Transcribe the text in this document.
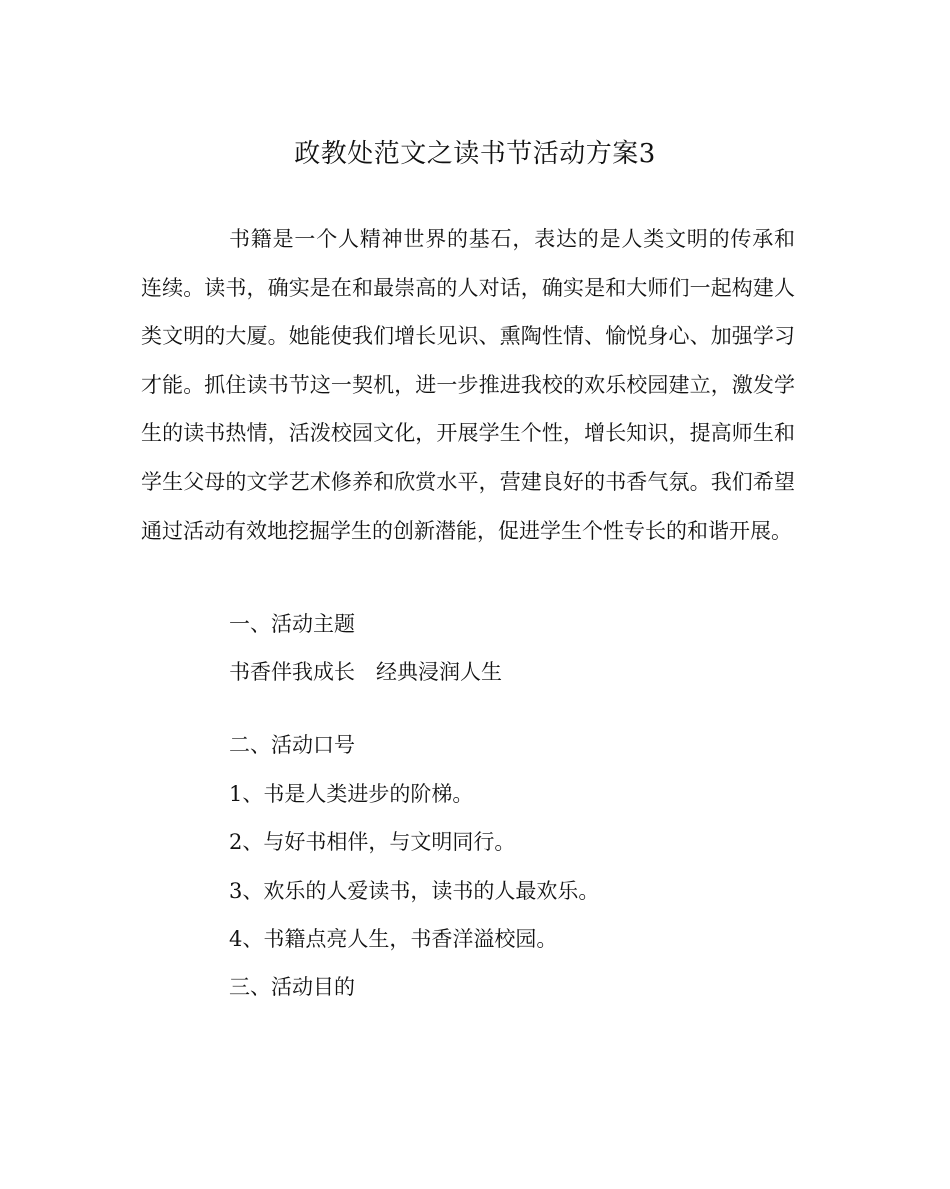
政教处范文之读书节活动方案3

书籍是一个人精神世界的基石，表达的是人类文明的传承和连续。读书，确实是在和最崇高的人对话，确实是和大师们一起构建人类文明的大厦。她能使我们增长见识、熏陶性情、愉悦身心、加强学习才能。抓住读书节这一契机，进一步推进我校的欢乐校园建立，激发学生的读书热情，活泼校园文化，开展学生个性，增长知识，提高师生和学生父母的文学艺术修养和欣赏水平，营建良好的书香气氛。我们希望通过活动有效地挖掘学生的创新潜能，促进学生个性专长的和谐开展。

一、活动主题

书香伴我成长　经典浸润人生

二、活动口号

1、书是人类进步的阶梯。

2、与好书相伴，与文明同行。

3、欢乐的人爱读书，读书的人最欢乐。

4、书籍点亮人生，书香洋溢校园。

三、活动目的
